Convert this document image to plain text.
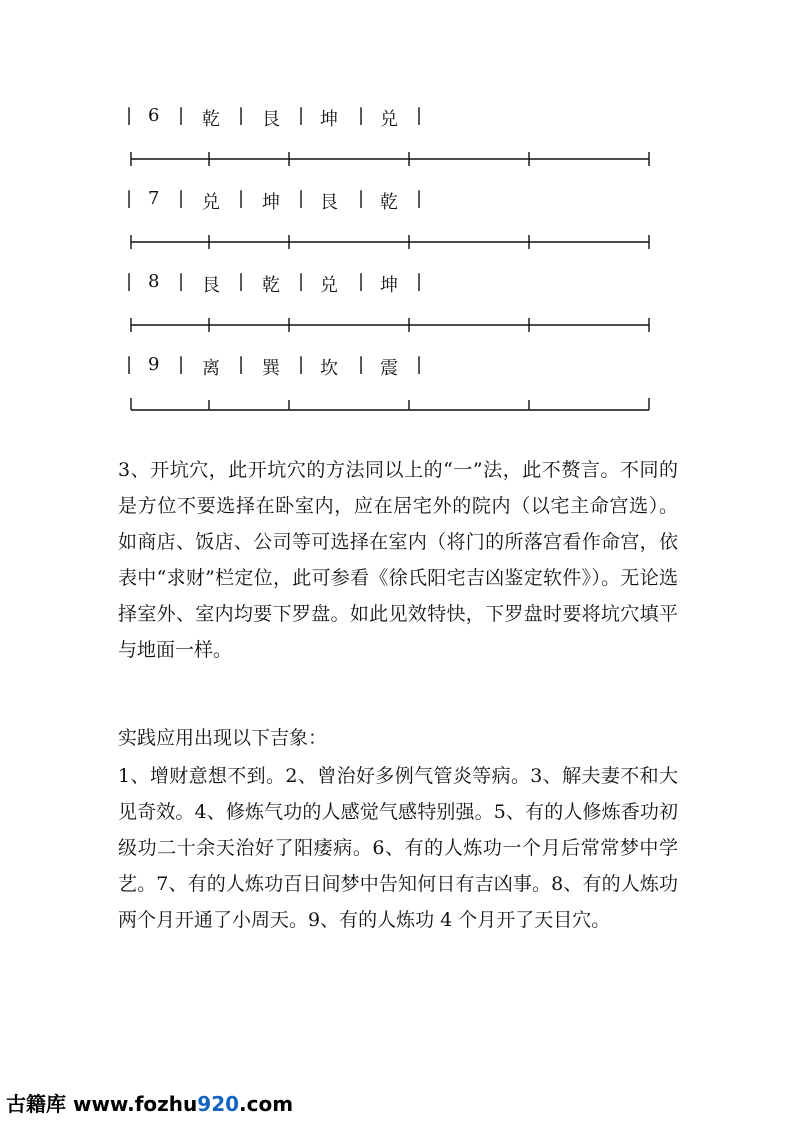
| 6 | 乾 | 艮 | 坤 | 兑 |
| 7 | 兑 | 坤 | 艮 | 乾 |
| 8 | 艮 | 乾 | 兑 | 坤 |
| 9 | 离 | 巽 | 坎 | 震 |

3、开坑穴，此开坑穴的方法同以上的“一”法，此不赘言。不同的是方位不要选择在卧室内，应在居宅外的院内（以宅主命宫选）。如商店、饭店、公司等可选择在室内（将门的所落宫看作命宫，依表中“求财”栏定位，此可参看《徐氏阳宅吉凶鉴定软件》）。无论选择室外、室内均要下罗盘。如此见效特快，下罗盘时要将坑穴填平与地面一样。

实践应用出现以下吉象：

1、增财意想不到。2、曾治好多例气管炎等病。3、解夫妻不和大见奇效。4、修炼气功的人感觉气感特别强。5、有的人修炼香功初级功二十余天治好了阳痿病。6、有的人炼功一个月后常常梦中学艺。7、有的人炼功百日间梦中告知何日有吉凶事。8、有的人炼功两个月开通了小周天。9、有的人炼功 4 个月开了天目穴。

古籍库 www.fozhu920.com
